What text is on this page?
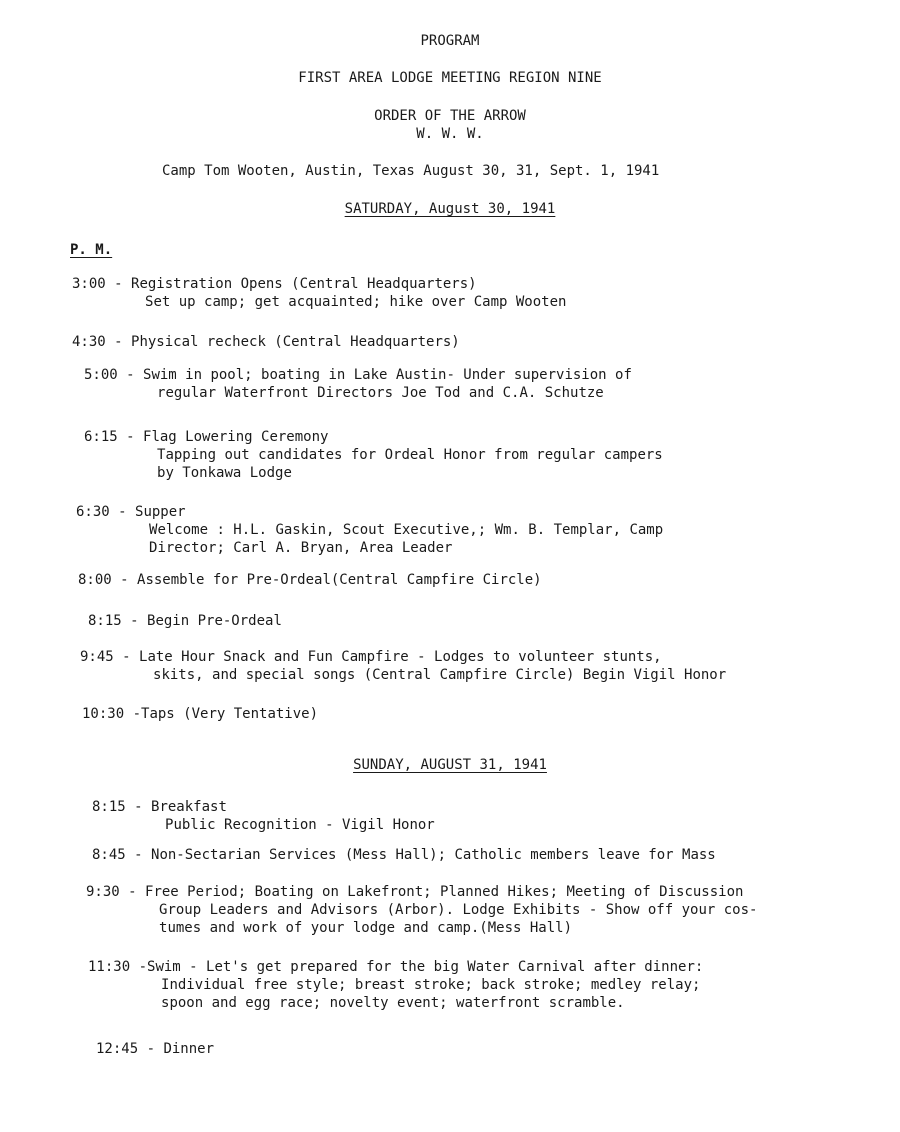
PROGRAM
FIRST AREA LODGE MEETING REGION NINE
ORDER OF THE ARROW
W. W. W.
Camp Tom Wooten, Austin, Texas August 30, 31, Sept. 1, 1941
SATURDAY, August 30, 1941
P. M.
3:00 - Registration Opens (Central Headquarters)
Set up camp; get acquainted; hike over Camp Wooten
4:30 - Physical recheck (Central Headquarters)
5:00 - Swim in pool; boating in Lake Austin- Under supervision of
regular Waterfront Directors Joe Tod and C.A. Schutze
6:15 - Flag Lowering Ceremony
Tapping out candidates for Ordeal Honor from regular campers
by Tonkawa Lodge
6:30 - Supper
Welcome : H.L. Gaskin, Scout Executive,; Wm. B. Templar, Camp
Director; Carl A. Bryan, Area Leader
8:00 - Assemble for Pre-Ordeal(Central Campfire Circle)
8:15 - Begin Pre-Ordeal
9:45 - Late Hour Snack and Fun Campfire - Lodges to volunteer stunts,
skits, and special songs (Central Campfire Circle) Begin Vigil Honor
10:30 - Taps (Very Tentative)
SUNDAY, AUGUST 31, 1941
8:15 - Breakfast
Public Recognition - Vigil Honor
8:45 - Non-Sectarian Services (Mess Hall); Catholic members leave for Mass
9:30 - Free Period; Boating on Lakefront; Planned Hikes; Meeting of Discussion
Group Leaders and Advisors (Arbor). Lodge Exhibits - Show off your cos-
tumes and work of your lodge and camp.(Mess Hall)
11:30 - Swim - Let's get prepared for the big Water Carnival after dinner:
Individual free style; breast stroke; back stroke; medley relay;
spoon and egg race; novelty event; waterfront scramble.
12:45 - Dinner
